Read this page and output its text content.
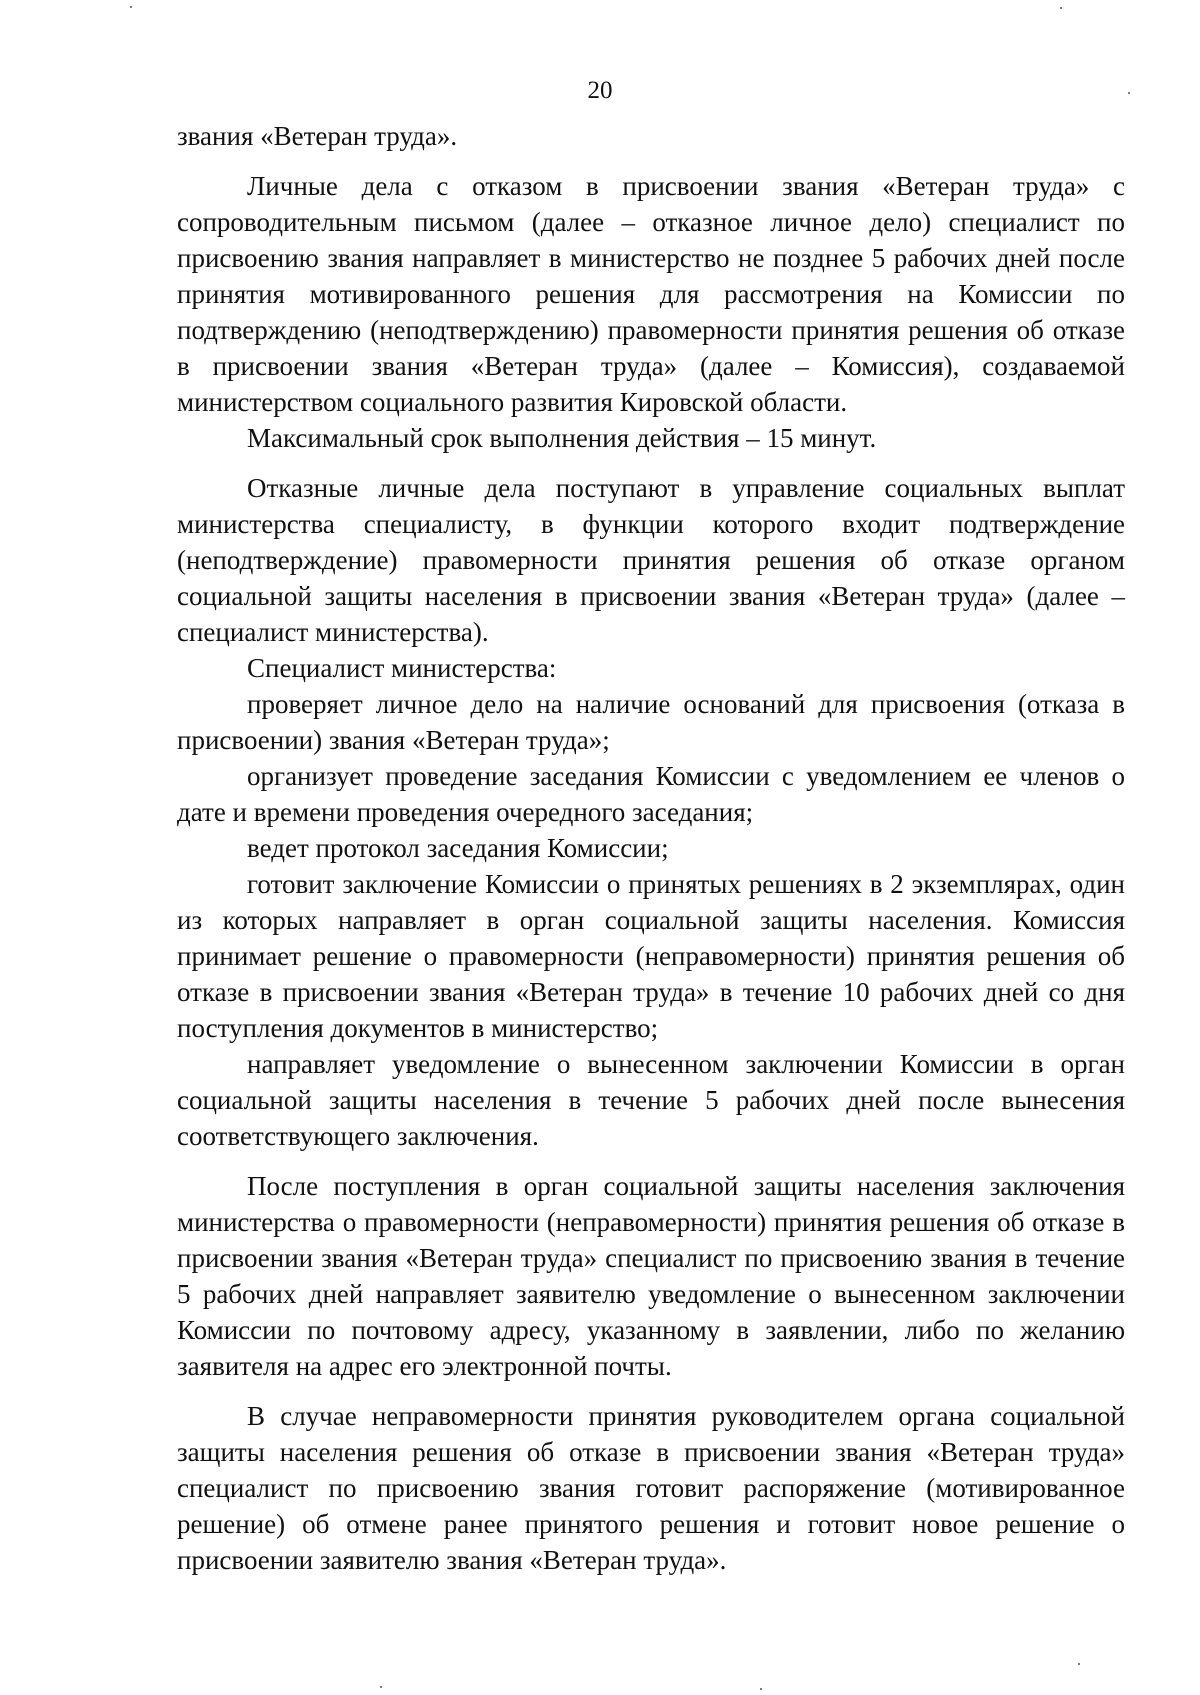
20

звания «Ветеран труда».

Личные дела с отказом в присвоении звания «Ветеран труда» с сопроводительным письмом (далее – отказное личное дело) специалист по присвоению звания направляет в министерство не позднее 5 рабочих дней после принятия мотивированного решения для рассмотрения на Комиссии по подтверждению (неподтверждению) правомерности принятия решения об отказе в присвоении звания «Ветеран труда» (далее – Комиссия), создаваемой министерством социального развития Кировской области.

Максимальный срок выполнения действия – 15 минут.

Отказные личные дела поступают в управление социальных выплат министерства специалисту, в функции которого входит подтверждение (неподтверждение) правомерности принятия решения об отказе органом социальной защиты населения в присвоении звания «Ветеран труда» (далее – специалист министерства).

Специалист министерства:

проверяет личное дело на наличие оснований для присвоения (отказа в присвоении) звания «Ветеран труда»;

организует проведение заседания Комиссии с уведомлением ее членов о дате и времени проведения очередного заседания;

ведет протокол заседания Комиссии;

готовит заключение Комиссии о принятых решениях в 2 экземплярах, один из которых направляет в орган социальной защиты населения. Комиссия принимает решение о правомерности (неправомерности) принятия решения об отказе в присвоении звания «Ветеран труда» в течение 10 рабочих дней со дня поступления документов в министерство;

направляет уведомление о вынесенном заключении Комиссии в орган социальной защиты населения в течение 5 рабочих дней после вынесения соответствующего заключения.

После поступления в орган социальной защиты населения заключения министерства о правомерности (неправомерности) принятия решения об отказе в присвоении звания «Ветеран труда» специалист по присвоению звания в течение 5 рабочих дней направляет заявителю уведомление о вынесенном заключении Комиссии по почтовому адресу, указанному в заявлении, либо по желанию заявителя на адрес его электронной почты.

В случае неправомерности принятия руководителем органа социальной защиты населения решения об отказе в присвоении звания «Ветеран труда» специалист по присвоению звания готовит распоряжение (мотивированное решение) об отмене ранее принятого решения и готовит новое решение о присвоении заявителю звания «Ветеран труда».
